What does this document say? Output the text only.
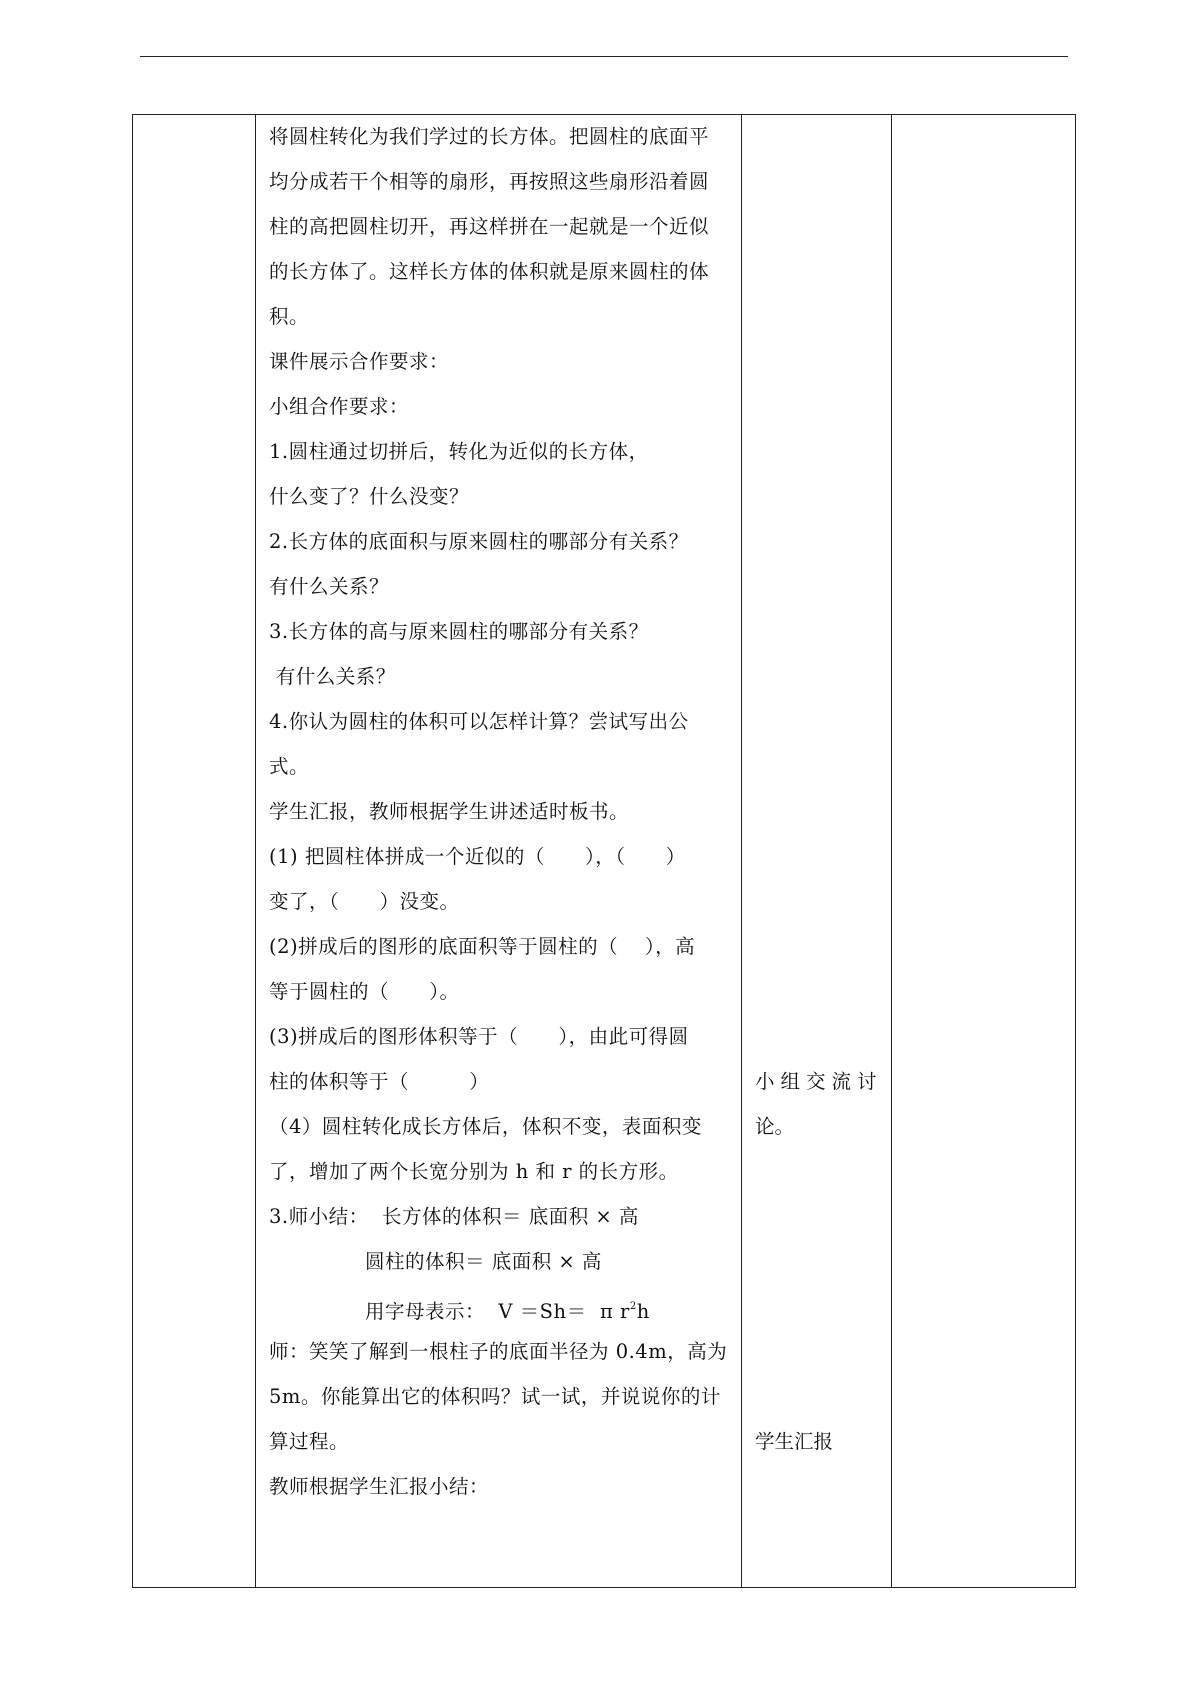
将圆柱转化为我们学过的长方体。把圆柱的底面平
均分成若干个相等的扇形，再按照这些扇形沿着圆
柱的高把圆柱切开，再这样拼在一起就是一个近似
的长方体了。这样长方体的体积就是原来圆柱的体
积。
课件展示合作要求：
小组合作要求：
1.圆柱通过切拼后，转化为近似的长方体，
什么变了？什么没变？
2.长方体的底面积与原来圆柱的哪部分有关系？
有什么关系？
3.长方体的高与原来圆柱的哪部分有关系？
有什么关系？
4.你认为圆柱的体积可以怎样计算？尝试写出公
式。
学生汇报，教师根据学生讲述适时板书。
(1) 把圆柱体拼成一个近似的（      ），（      ）
变了，（      ）没变。
(2)拼成后的图形的底面积等于圆柱的（    ），高
等于圆柱的（      ）。
(3)拼成后的图形体积等于（      ），由此可得圆
柱的体积等于（         ）
（4）圆柱转化成长方体后，体积不变，表面积变
了，增加了两个长宽分别为 h 和 r 的长方形。
3.师小结：  长方体的体积＝ 底面积 × 高
圆柱的体积＝ 底面积 × 高
用字母表示：  V ＝Sh＝  π $r^2h$
师：笑笑了解到一根柱子的底面半径为 0.4m，高为
5m。你能算出它的体积吗？试一试，并说说你的计
算过程。
教师根据学生汇报小结：
小组交流讨
论。
学生汇报
